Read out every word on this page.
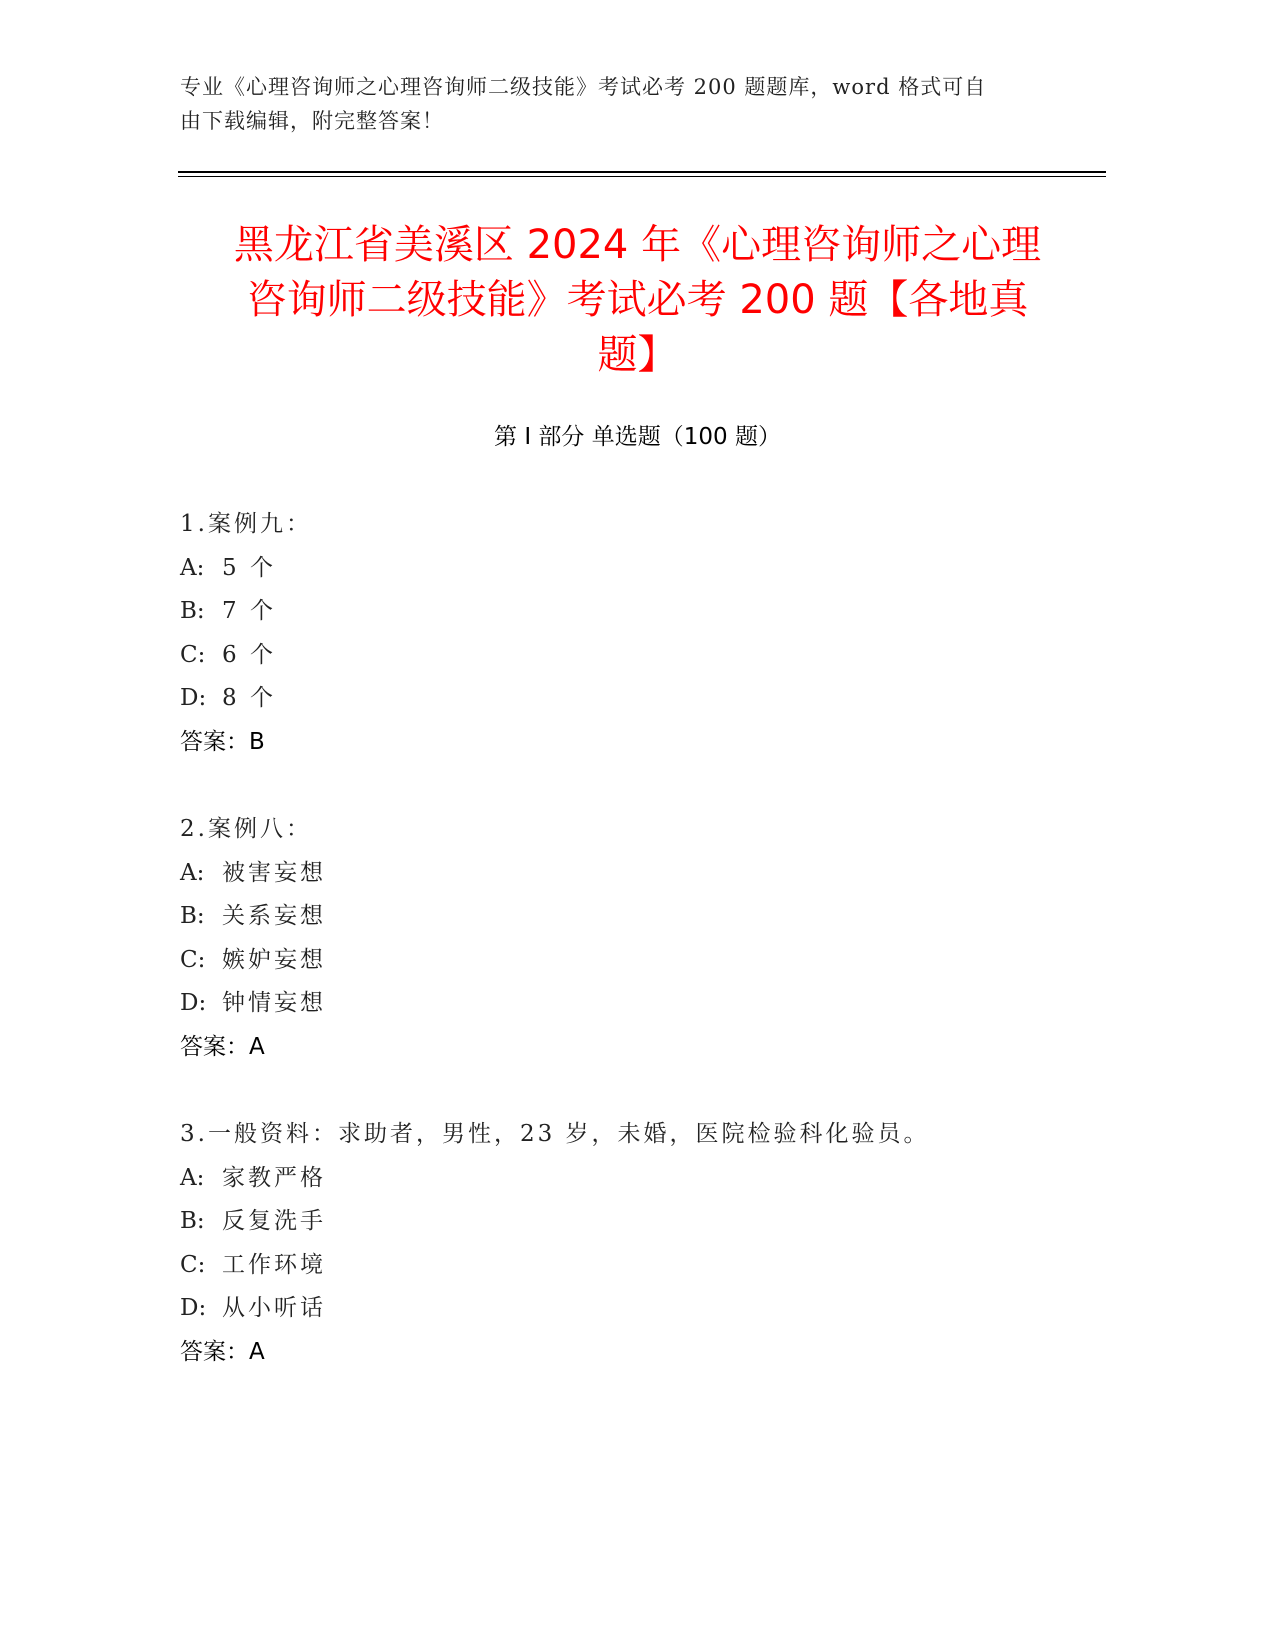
专业《心理咨询师之心理咨询师二级技能》考试必考 200 题题库，word 格式可自
由下载编辑，附完整答案！
黑龙江省美溪区 2024 年《心理咨询师之心理
咨询师二级技能》考试必考 200 题【各地真
题】
第 I 部分 单选题（100 题）
1.案例九：
A: 5 个
B: 7 个
C: 6 个
D: 8 个
答案：B
2.案例八：
A: 被害妄想
B: 关系妄想
C: 嫉妒妄想
D: 钟情妄想
答案：A
3.一般资料：求助者，男性，23 岁，未婚，医院检验科化验员。
A: 家教严格
B: 反复洗手
C: 工作环境
D: 从小听话
答案：A
